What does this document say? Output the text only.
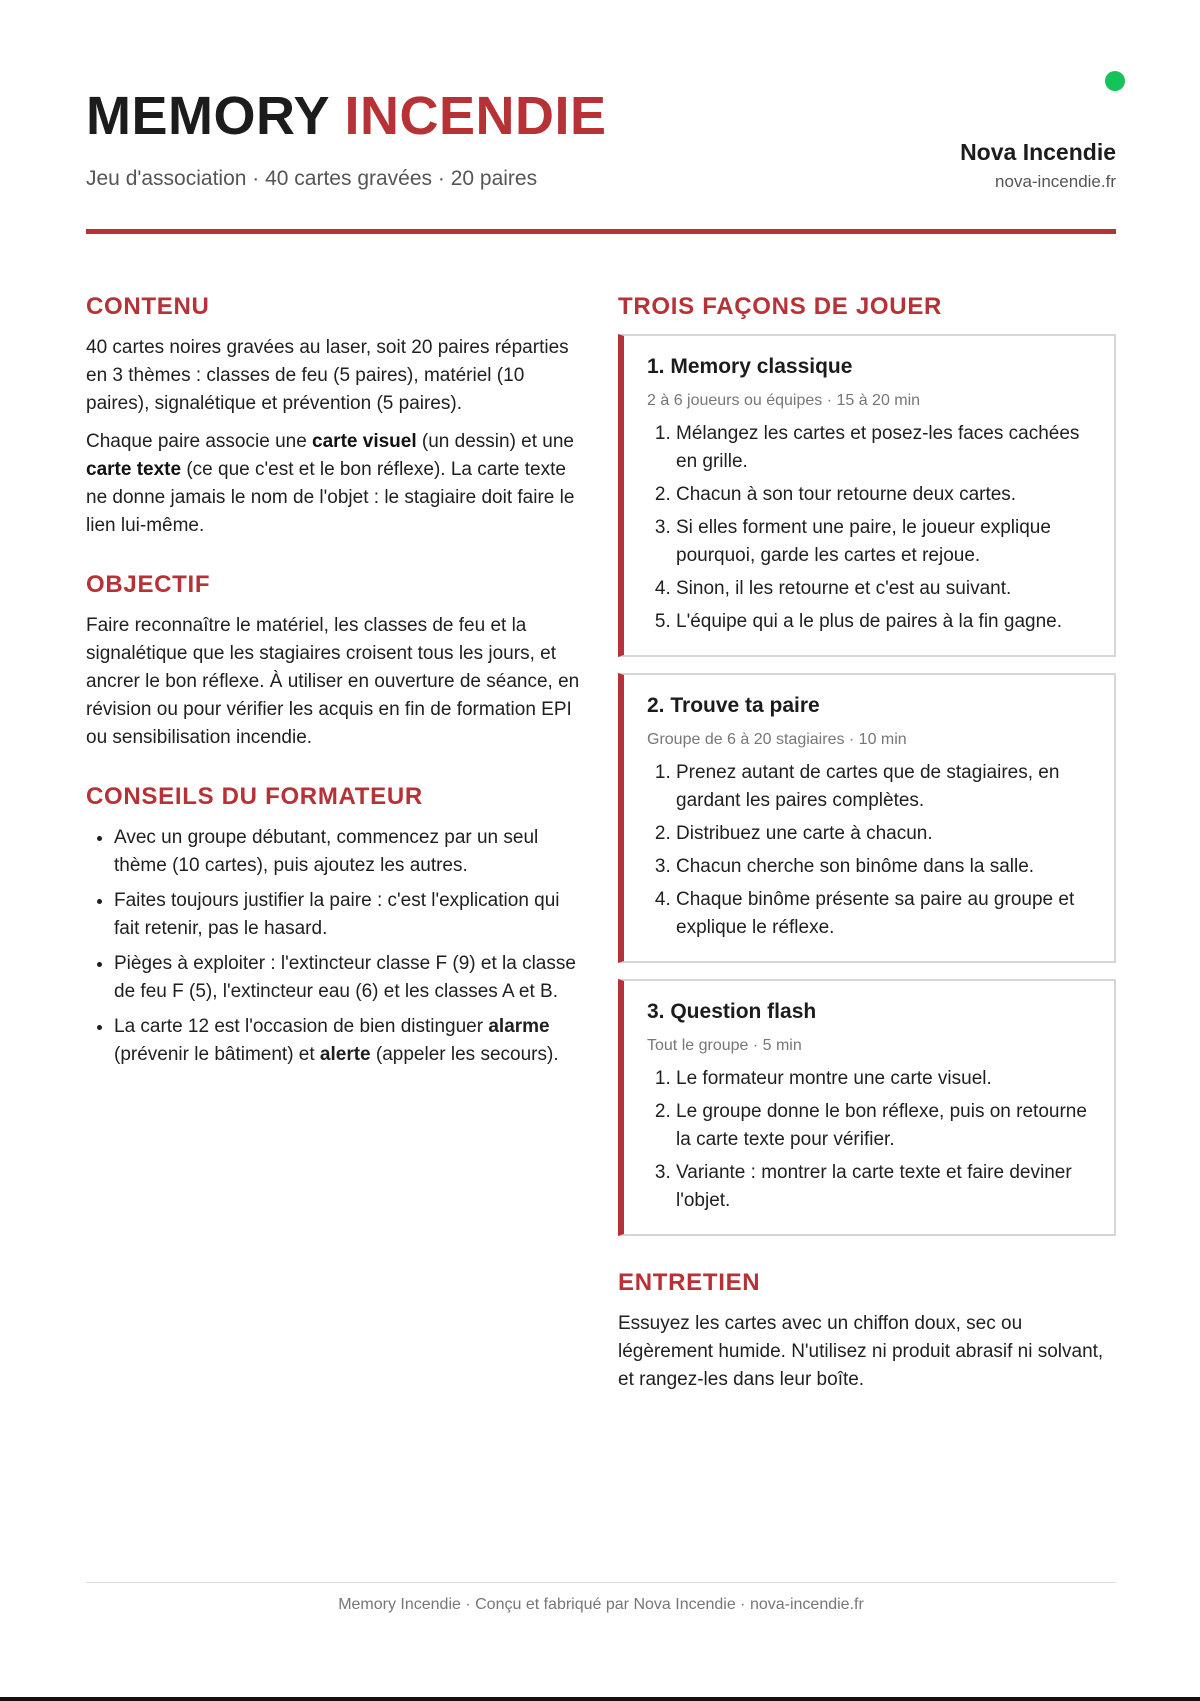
MEMORY INCENDIE
Jeu d'association · 40 cartes gravées · 20 paires
Nova Incendie
nova-incendie.fr
CONTENU

40 cartes noires gravées au laser, soit 20 paires réparties en 3 thèmes : classes de feu (5 paires), matériel (10 paires), signalétique et prévention (5 paires).

Chaque paire associe une carte visuel (un dessin) et une carte texte (ce que c'est et le bon réflexe). La carte texte ne donne jamais le nom de l'objet : le stagiaire doit faire le lien lui-même.

OBJECTIF

Faire reconnaître le matériel, les classes de feu et la signalétique que les stagiaires croisent tous les jours, et ancrer le bon réflexe. À utiliser en ouverture de séance, en révision ou pour vérifier les acquis en fin de formation EPI ou sensibilisation incendie.

CONSEILS DU FORMATEUR
• Avec un groupe débutant, commencez par un seul thème (10 cartes), puis ajoutez les autres.
• Faites toujours justifier la paire : c'est l'explication qui fait retenir, pas le hasard.
• Pièges à exploiter : l'extincteur classe F (9) et la classe de feu F (5), l'extincteur eau (6) et les classes A et B.
• La carte 12 est l'occasion de bien distinguer alarme (prévenir le bâtiment) et alerte (appeler les secours).
TROIS FAÇONS DE JOUER
1. Memory classique
2 à 6 joueurs ou équipes · 15 à 20 min
1. Mélangez les cartes et posez-les faces cachées en grille.
2. Chacun à son tour retourne deux cartes.
3. Si elles forment une paire, le joueur explique pourquoi, garde les cartes et rejoue.
4. Sinon, il les retourne et c'est au suivant.
5. L'équipe qui a le plus de paires à la fin gagne.
2. Trouve ta paire
Groupe de 6 à 20 stagiaires · 10 min
1. Prenez autant de cartes que de stagiaires, en gardant les paires complètes.
2. Distribuez une carte à chacun.
3. Chacun cherche son binôme dans la salle.
4. Chaque binôme présente sa paire au groupe et explique le réflexe.
3. Question flash
Tout le groupe · 5 min
1. Le formateur montre une carte visuel.
2. Le groupe donne le bon réflexe, puis on retourne la carte texte pour vérifier.
3. Variante : montrer la carte texte et faire deviner l'objet.
ENTRETIEN

Essuyez les cartes avec un chiffon doux, sec ou légèrement humide. N'utilisez ni produit abrasif ni solvant, et rangez-les dans leur boîte.

Memory Incendie · Conçu et fabriqué par Nova Incendie · nova-incendie.fr
